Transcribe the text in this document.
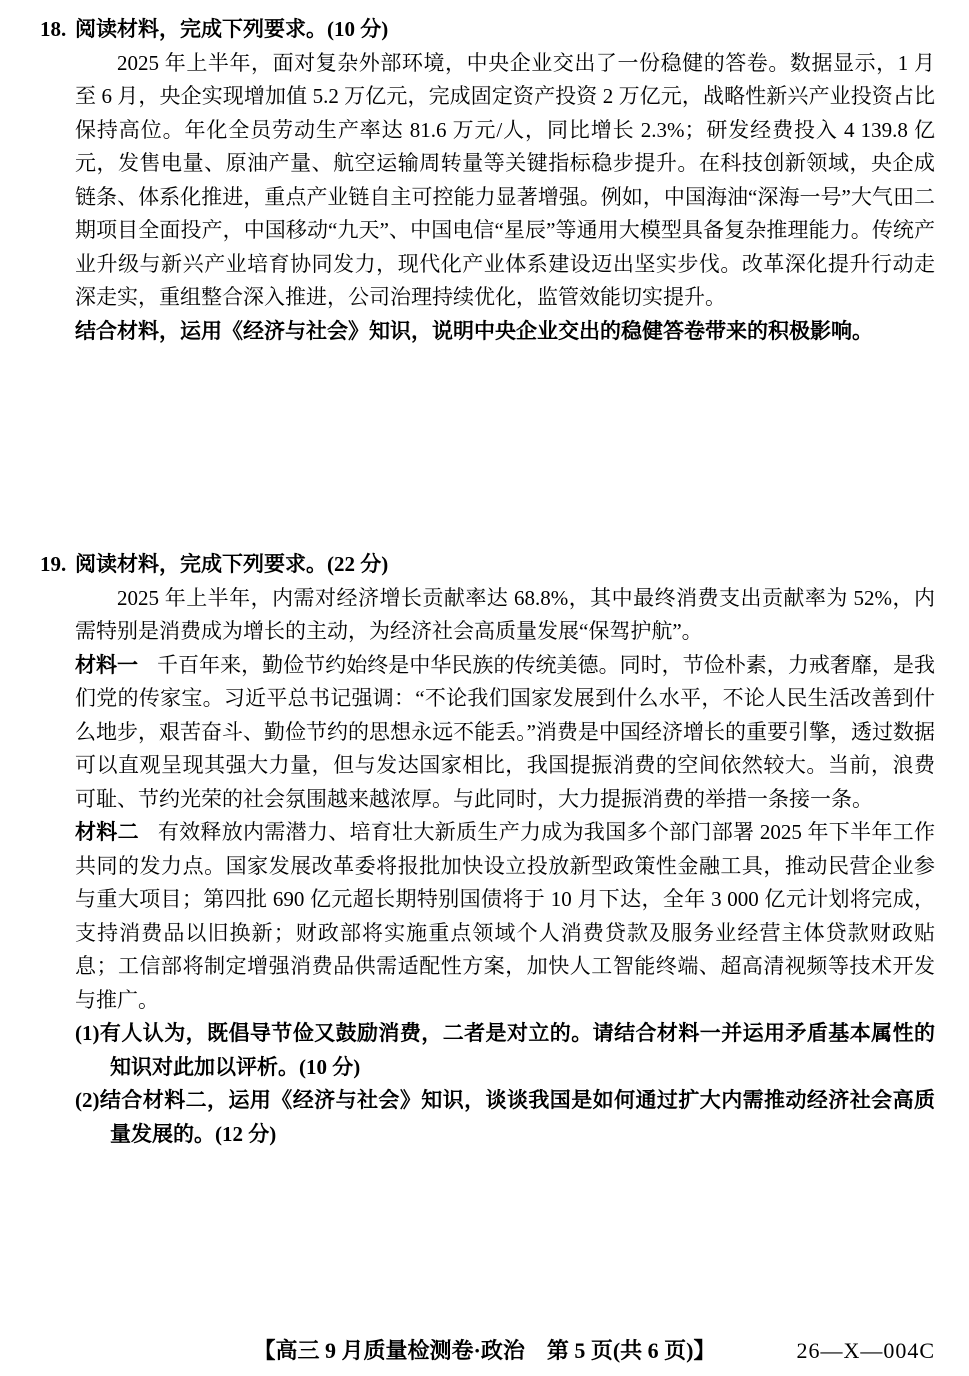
18. 阅读材料，完成下列要求。(10 分)

2025 年上半年，面对复杂外部环境，中央企业交出了一份稳健的答卷。数据显示，1 月至 6 月，央企实现增加值 5.2 万亿元，完成固定资产投资 2 万亿元，战略性新兴产业投资占比保持高位。年化全员劳动生产率达 81.6 万元/人，同比增长 2.3%；研发经费投入 4 139.8 亿元，发售电量、原油产量、航空运输周转量等关键指标稳步提升。在科技创新领域，央企成链条、体系化推进，重点产业链自主可控能力显著增强。例如，中国海油“深海一号”大气田二期项目全面投产，中国移动“九天”、中国电信“星辰”等通用大模型具备复杂推理能力。传统产业升级与新兴产业培育协同发力，现代化产业体系建设迈出坚实步伐。改革深化提升行动走深走实，重组整合深入推进，公司治理持续优化，监管效能切实提升。

结合材料，运用《经济与社会》知识，说明中央企业交出的稳健答卷带来的积极影响。

19. 阅读材料，完成下列要求。(22 分)

2025 年上半年，内需对经济增长贡献率达 68.8%，其中最终消费支出贡献率为 52%，内需特别是消费成为增长的主动，为经济社会高质量发展“保驾护航”。

材料一 千百年来，勤俭节约始终是中华民族的传统美德。同时，节俭朴素，力戒奢靡，是我们党的传家宝。习近平总书记强调：“不论我们国家发展到什么水平，不论人民生活改善到什么地步，艰苦奋斗、勤俭节约的思想永远不能丢。”消费是中国经济增长的重要引擎，透过数据可以直观呈现其强大力量，但与发达国家相比，我国提振消费的空间依然较大。当前，浪费可耻、节约光荣的社会氛围越来越浓厚。与此同时，大力提振消费的举措一条接一条。

材料二 有效释放内需潜力、培育壮大新质生产力成为我国多个部门部署 2025 年下半年工作共同的发力点。国家发展改革委将报批加快设立投放新型政策性金融工具，推动民营企业参与重大项目；第四批 690 亿元超长期特别国债将于 10 月下达，全年 3 000 亿元计划将完成，支持消费品以旧换新；财政部将实施重点领域个人消费贷款及服务业经营主体贷款财政贴息；工信部将制定增强消费品供需适配性方案，加快人工智能终端、超高清视频等技术开发与推广。

(1)有人认为，既倡导节俭又鼓励消费，二者是对立的。请结合材料一并运用矛盾基本属性的知识对此加以评析。(10 分)

(2)结合材料二，运用《经济与社会》知识，谈谈我国是如何通过扩大内需推动经济社会高质量发展的。(12 分)

【高三 9 月质量检测卷·政治　第 5 页(共 6 页)】	26—X—004C
